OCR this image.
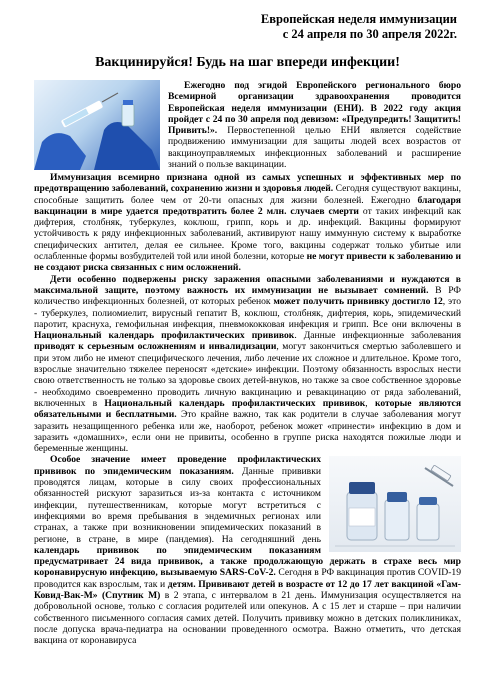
Европейская неделя иммунизации
с 24 апреля по 30 апреля 2022г.
Вакцинируйся! Будь на шаг впереди инфекции!

Ежегодно под эгидой Европейского регионального бюро Всемирной организации здравоохранения проводится Европейская неделя иммунизации (ЕНИ). В 2022 году акция пройдет с 24 по 30 апреля под девизом: «Предупредить! Защитить! Привить!». Первостепенной целью ЕНИ является содействие продвижению иммунизации для защиты людей всех возрастов от вакциноуправляемых инфекционных заболеваний и расширение знаний о пользе вакцинации.

Иммунизация всемирно признана одной из самых успешных и эффективных мер по предотвращению заболеваний, сохранению жизни и здоровья людей. Сегодня существуют вакцины, способные защитить более чем от 20-ти опасных для жизни болезней. Ежегодно благодаря вакцинации в мире удается предотвратить более 2 млн. случаев смерти от таких инфекций как дифтерия, столбняк, туберкулез, коклюш, грипп, корь и др. инфекций. Вакцины формируют устойчивость к ряду инфекционных заболеваний, активируют нашу иммунную систему к выработке специфических антител, делая ее сильнее. Кроме того, вакцины содержат только убитые или ослабленные формы возбудителей той или иной болезни, которые не могут привести к заболеванию и не создают риска связанных с ним осложнений.

Дети особенно подвержены риску заражения опасными заболеваниями и нуждаются в максимальной защите, поэтому важность их иммунизации не вызывает сомнений. В РФ количество инфекционных болезней, от которых ребенок может получить прививку достигло 12, это - туберкулез, полиомиелит, вирусный гепатит В, коклюш, столбняк, дифтерия, корь, эпидемический паротит, краснуха, гемофильная инфекция, пневмококковая инфекция и грипп. Все они включены в Национальный календарь профилактических прививок. Данные инфекционные заболевания приводят к серьезным осложнениям и инвалидизации, могут закончиться смертью заболевшего и при этом либо не имеют специфического лечения, либо лечение их сложное и длительное. Кроме того, взрослые значительно тяжелее переносят «детские» инфекции. Поэтому обязанность взрослых нести свою ответственность не только за здоровье своих детей-внуков, но также за свое собственное здоровье - необходимо своевременно проводить личную вакцинацию и ревакцинацию от ряда заболеваний, включенных в Национальный календарь профилактических прививок, которые являются обязательными и бесплатными. Это крайне важно, так как родители в случае заболевания могут заразить незащищенного ребенка или же, наоборот, ребенок может «принести» инфекцию в дом и заразить «домашних», если они не привиты, особенно в группе риска находятся пожилые люди и беременные женщины.

Особое значение имеет проведение профилактических прививок по эпидемическим показаниям. Данные прививки проводятся лицам, которые в силу своих профессиональных обязанностей рискуют заразиться из-за контакта с источником инфекции, путешественникам, которые могут встретиться с инфекциями во время пребывания в эндемичных регионах или странах, а также при возникновении эпидемических показаний в регионе, в стране, в мире (пандемия). На сегодняшний день календарь прививок по эпидемическим показаниям предусматривает 24 вида прививок, а также продолжающую держать в страхе весь мир коронавирусную инфекцию, вызываемую SARS-CoV-2. Сегодня в РФ вакцинация против COVID-19 проводится как взрослым, так и детям. Прививают детей в возрасте от 12 до 17 лет вакциной «Гам-Ковид-Вак-М» (Спутник М) в 2 этапа, с интервалом в 21 день. Иммунизация осуществляется на добровольной основе, только с согласия родителей или опекунов. А с 15 лет и старше – при наличии собственного письменного согласия самих детей. Получить прививку можно в детских поликлиниках, после допуска врача-педиатра на основании проведенного осмотра. Важно отметить, что детская вакцина от коронавируса
